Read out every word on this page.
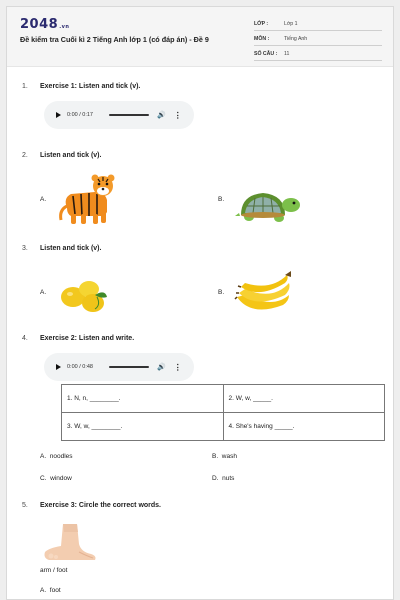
2048.vn
Đề kiểm tra Cuối kì 2 Tiếng Anh lớp 1 (có đáp án) - Đề 9
LỚP :	Lớp 1
MÔN :	Tiếng Anh
SỐ CÂU :	11
1. Exercise 1: Listen and tick (v).
0:00 / 0:17	🔊 ⋮
2. Listen and tick (v).
A.	B.
3. Listen and tick (v).
A.	B.
4. Exercise 2: Listen and write.
0:00 / 0:48	🔊 ⋮
1. N, n, ________.	2. W, w, _____.
3. W, w, ________.	4. She's having _____.
A. noodles	B. wash
C. window	D. nuts
5. Exercise 3: Circle the correct words.
arm / foot
A. foot
